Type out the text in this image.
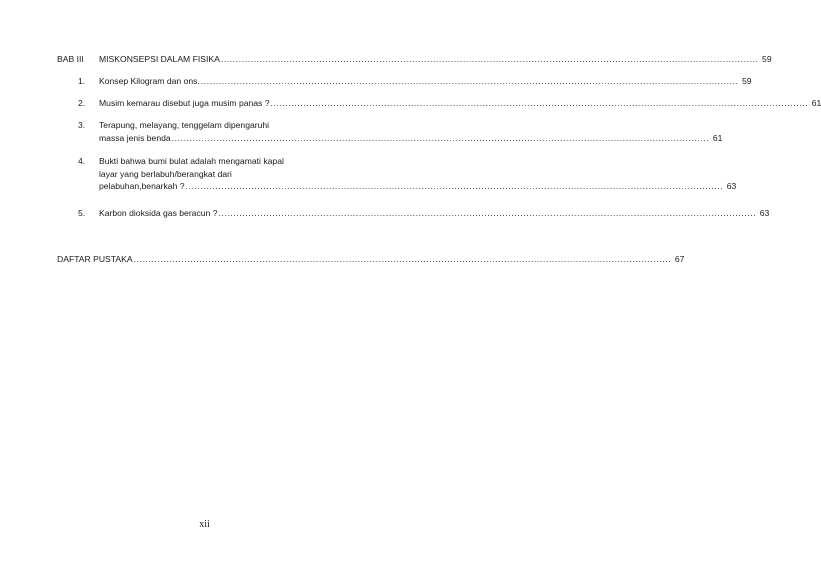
BAB III	MISKONSEPSI DALAM FISIKA .....	59
1.	Konsep Kilogram dan ons. .....	59
2.	Musim kemarau disebut juga musim panas ? .....	61
3.	Terapung, melayang, tenggelam dipengaruhi
massa jenis benda .....	61
4.	Bukti bahwa bumi bulat adalah mengamati kapal
layar yang berlabuh/berangkat dari
pelabuhan,benarkah ? .....	63
5.	Karbon dioksida gas beracun ? .....	63
DAFTAR PUSTAKA .....	67
xii
